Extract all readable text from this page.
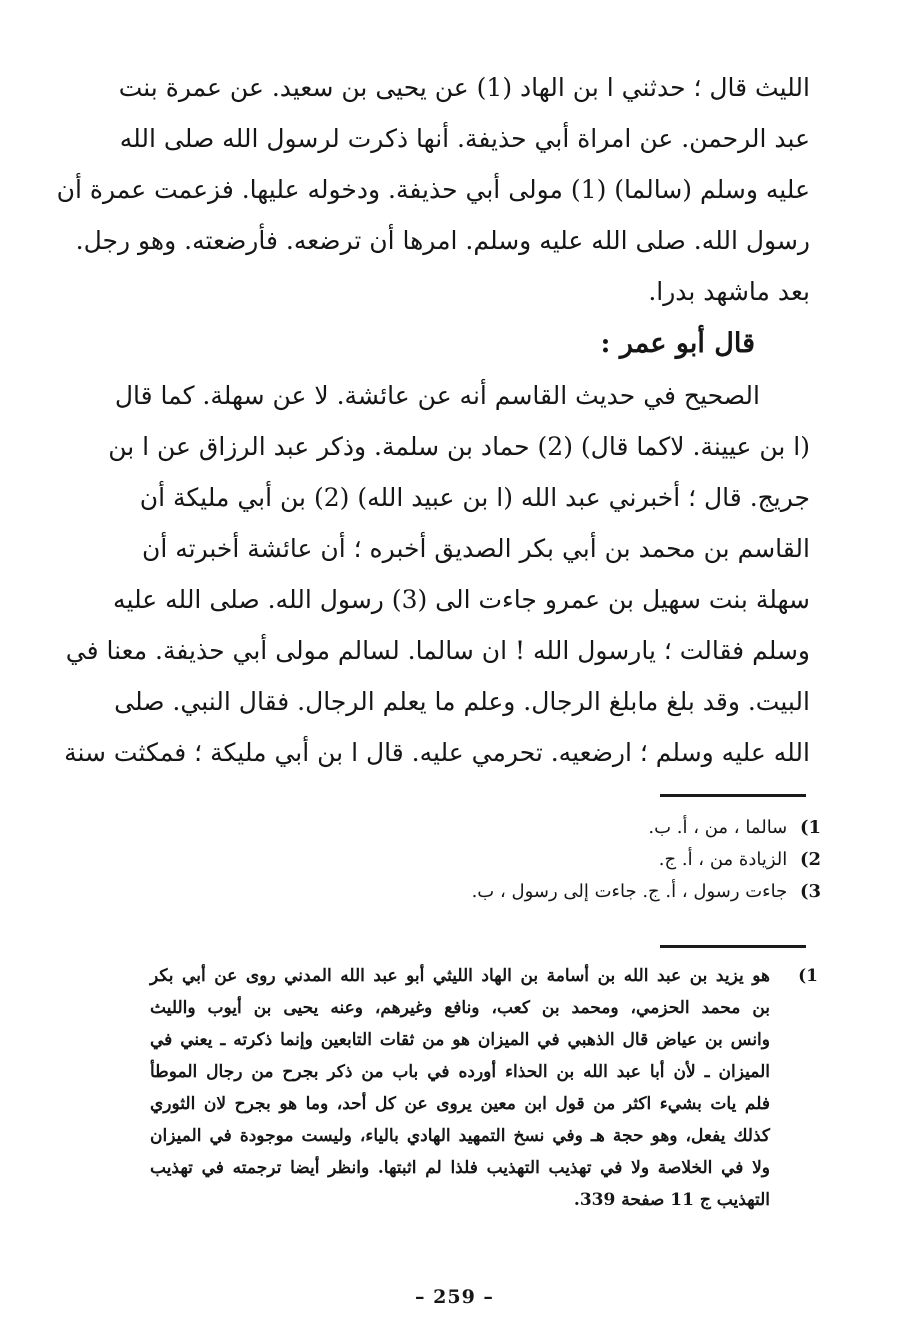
الليث قال ؛ حدثني ا بن الهاد (1) عن يحيى بن سعيد. عن عمرة بنت
عبد الرحمن. عن امراة أبي حذيفة. أنها ذكرت لرسول الله صلى الله
عليه وسلم (سالما) (1) مولى أبي حذيفة. ودخوله عليها. فزعمت عمرة أن
رسول الله. صلى الله عليه وسلم. امرها أن ترضعه. فأرضعته. وهو رجل.
بعد ماشهد بدرا.
قال أبو عمر :
الصحيح في حديث القاسم أنه عن عائشة. لا عن سهلة. كما قال
(ا بن عيينة. لاكما قال) (2) حماد بن سلمة. وذكر عبد الرزاق عن ا بن
جريج. قال ؛ أخبرني عبد الله (ا بن عبيد الله) (2) بن أبي مليكة أن
القاسم بن محمد بن أبي بكر الصديق أخبره ؛ أن عائشة أخبرته أن
سهلة بنت سهيل بن عمرو جاءت الى (3) رسول الله. صلى الله عليه
وسلم فقالت ؛ يارسول الله ! ان سالما. لسالم مولى أبي حذيفة. معنا في
البيت. وقد بلغ مابلغ الرجال. وعلم ما يعلم الرجال. فقال النبي. صلى
الله عليه وسلم ؛ ارضعيه. تحرمي عليه. قال ا بن أبي مليكة ؛ فمكثت سنة
1) سالما ، من ، أ. ب.
2) الزيادة من ، أ. ج.
3) جاءت رسول ، أ. ج. جاءت إلى رسول ، ب.
1)
هو يزيد بن عبد الله بن أسامة بن الهاد الليثي أبو عبد الله المدني روى عن أبي بكر
بن محمد الحزمي، ومحمد بن كعب، ونافع وغيرهم، وعنه يحيى بن أيوب والليث
وانس بن عياض قال الذهبي في الميزان هو من ثقات التابعين وإنما ذكرته ـ يعني في
الميزان ـ لأن أبا عبد الله بن الحذاء أورده في باب من ذكر بجرح من رجال الموطأ
فلم يات بشيء اكثر من قول ابن معين يروى عن كل أحد، وما هو بجرح لان الثوري
كذلك يفعل، وهو حجة هـ وفي نسخ التمهيد الهادي بالياء، وليست موجودة في الميزان
ولا في الخلاصة ولا في تهذيب التهذيب فلذا لم اثبتها. وانظر أيضا ترجمته في تهذيب
التهذيب ج 11 صفحة 339.
– 259 –
